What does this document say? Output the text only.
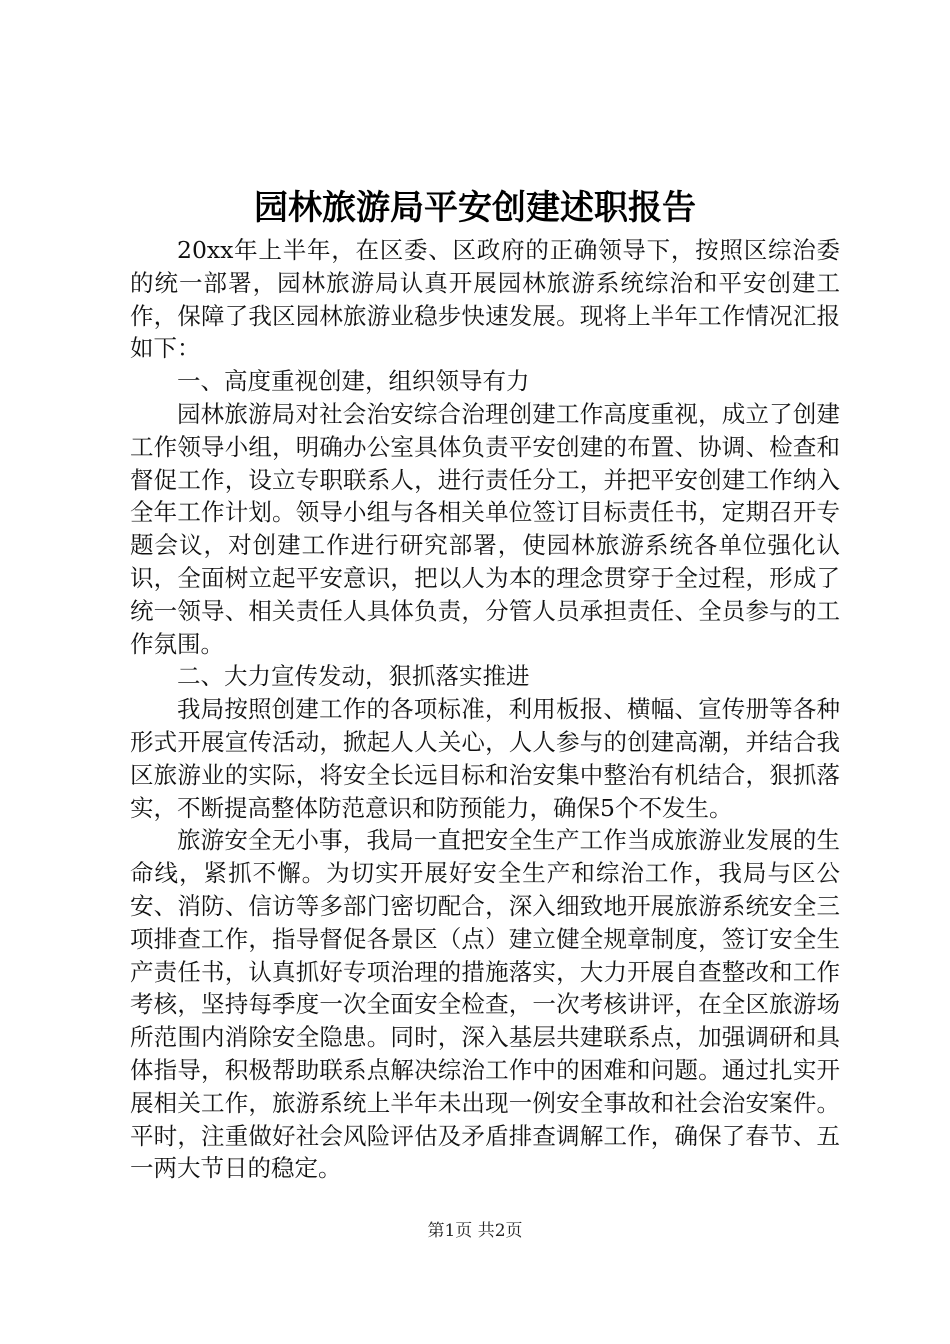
园林旅游局平安创建述职报告

20xx年上半年，在区委、区政府的正确领导下，按照区综治委的统一部署，园林旅游局认真开展园林旅游系统综治和平安创建工作，保障了我区园林旅游业稳步快速发展。现将上半年工作情况汇报如下：

一、高度重视创建，组织领导有力

园林旅游局对社会治安综合治理创建工作高度重视，成立了创建工作领导小组，明确办公室具体负责平安创建的布置、协调、检查和督促工作，设立专职联系人，进行责任分工，并把平安创建工作纳入全年工作计划。领导小组与各相关单位签订目标责任书，定期召开专题会议，对创建工作进行研究部署，使园林旅游系统各单位强化认识，全面树立起平安意识，把以人为本的理念贯穿于全过程，形成了统一领导、相关责任人具体负责，分管人员承担责任、全员参与的工作氛围。

二、大力宣传发动，狠抓落实推进

我局按照创建工作的各项标准，利用板报、横幅、宣传册等各种形式开展宣传活动，掀起人人关心，人人参与的创建高潮，并结合我区旅游业的实际，将安全长远目标和治安集中整治有机结合，狠抓落实，不断提高整体防范意识和防预能力，确保5个不发生。

旅游安全无小事，我局一直把安全生产工作当成旅游业发展的生命线，紧抓不懈。为切实开展好安全生产和综治工作，我局与区公安、消防、信访等多部门密切配合，深入细致地开展旅游系统安全三项排查工作，指导督促各景区（点）建立健全规章制度，签订安全生产责任书，认真抓好专项治理的措施落实，大力开展自查整改和工作考核，坚持每季度一次全面安全检查，一次考核讲评，在全区旅游场所范围内消除安全隐患。同时，深入基层共建联系点，加强调研和具体指导，积极帮助联系点解决综治工作中的困难和问题。通过扎实开展相关工作，旅游系统上半年未出现一例安全事故和社会治安案件。平时，注重做好社会风险评估及矛盾排查调解工作，确保了春节、五一两大节日的稳定。

第1页 共2页
